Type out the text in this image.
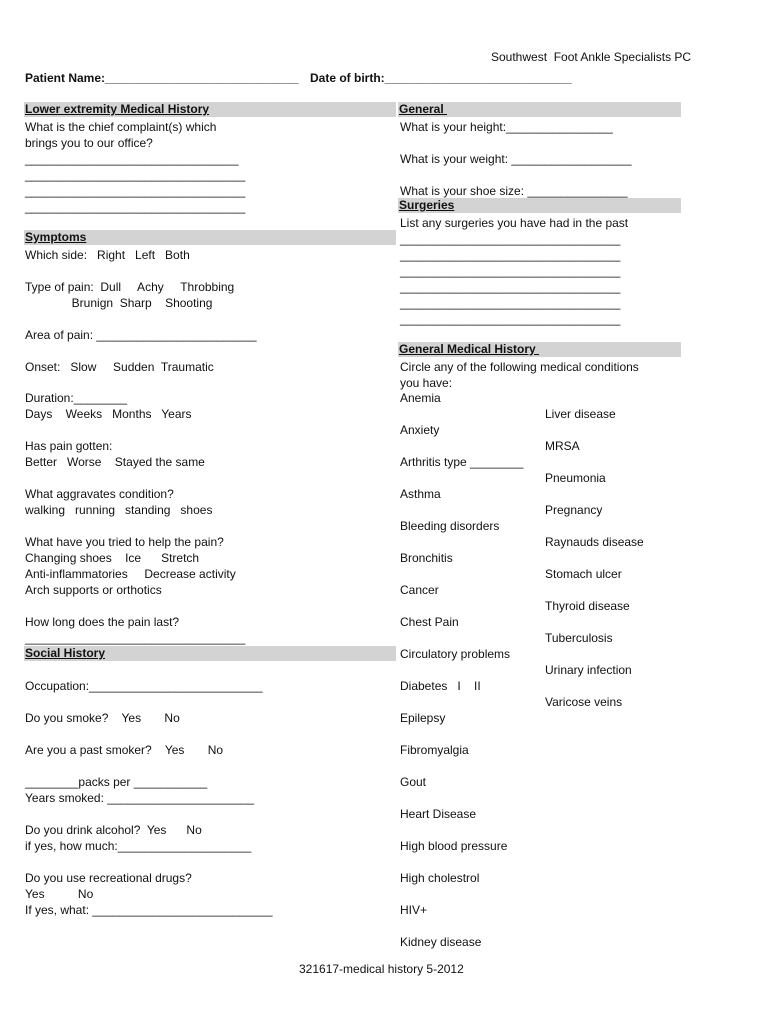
Southwest  Foot Ankle Specialists PC
Patient Name:_____________________________ Date of birth:____________________________
Lower extremity Medical History	General
Surgeries
Symptoms
General Medical History
Social History
What is the chief complaint(s) which
brings you to our office?
________________________________
_________________________________
_________________________________
_________________________________
Which side:   Right   Left   Both
Type of pain:  Dull     Achy     Throbbing
Brunign  Sharp    Shooting
Area of pain: ________________________
Onset:   Slow     Sudden  Traumatic
Duration:________
Days    Weeks   Months   Years
Has pain gotten:
Better   Worse    Stayed the same
What aggravates condition?
walking   running   standing   shoes
What have you tried to help the pain?
Changing shoes    Ice      Stretch
Anti-inflammatories     Decrease activity
Arch supports or orthotics
How long does the pain last?
_________________________________
Occupation:__________________________
Do you smoke?    Yes       No
Are you a past smoker?    Yes       No
________packs per ___________
Years smoked: ______________________
Do you drink alcohol?  Yes      No
if yes, how much:____________________
Do you use recreational drugs?
Yes          No
If yes, what: ___________________________
What is your height:________________
What is your weight: __________________
What is your shoe size: _______________
List any surgeries you have had in the past
_________________________________
_________________________________
_________________________________
_________________________________
_________________________________
_________________________________
Circle any of the following medical conditions
you have:
Anemia
Anxiety
Arthritis type ________
Asthma
Bleeding disorders
Bronchitis
Cancer
Chest Pain
Circulatory problems
Diabetes   I    II
Epilepsy
Fibromyalgia
Gout
Heart Disease
High blood pressure
High cholestrol
HIV+
Kidney disease
Liver disease
MRSA
Pneumonia
Pregnancy
Raynauds disease
Stomach ulcer
Thyroid disease
Tuberculosis
Urinary infection
Varicose veins
321617-medical history 5-2012
